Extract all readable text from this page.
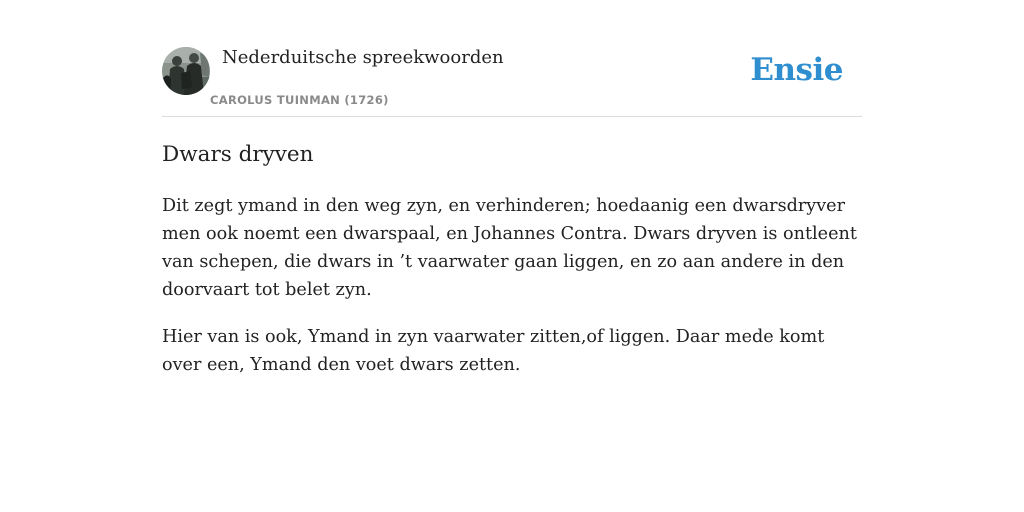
Nederduitsche spreekwoorden
CAROLUS TUINMAN (1726)
Ensie
Dwars dryven

Dit zegt ymand in den weg zyn, en verhinderen; hoedaanig een dwarsdryver men ook noemt een dwarspaal, en Johannes Contra. Dwars dryven is ontleent van schepen, die dwars in ’t vaarwater gaan liggen, en zo aan andere in den doorvaart tot belet zyn.

Hier van is ook, Ymand in zyn vaarwater zitten,of liggen. Daar mede komt over een, Ymand den voet dwars zetten.
